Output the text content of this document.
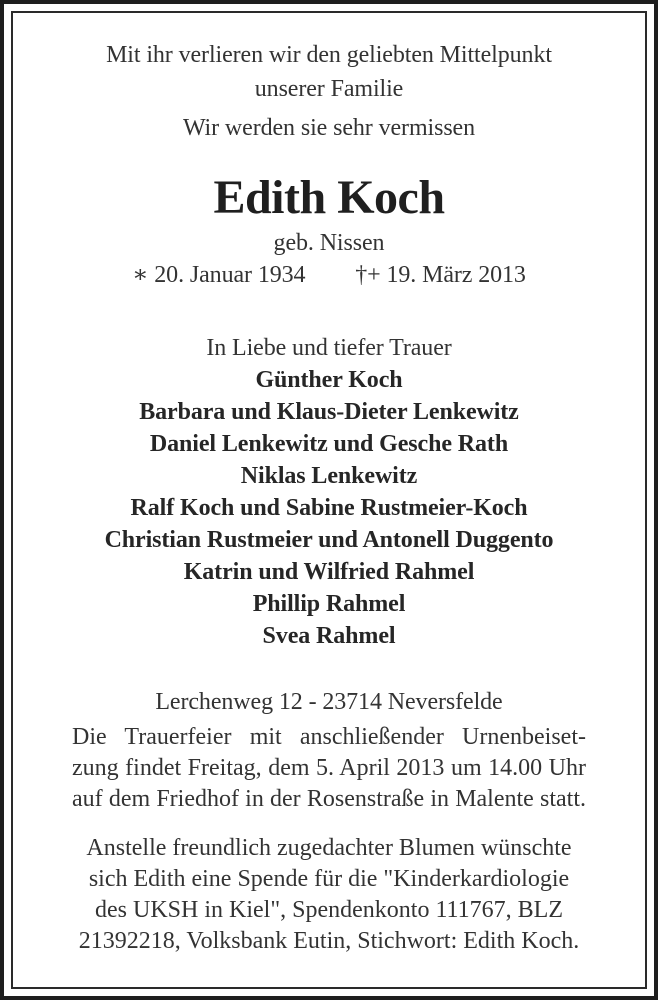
Mit ihr verlieren wir den geliebten Mittelpunkt
unserer Familie
Wir werden sie sehr vermissen
Edith Koch
geb. Nissen
∗ 20. Januar 1934 †+ 19. März 2013
In Liebe und tiefer Trauer
Günther Koch
Barbara und Klaus-Dieter Lenkewitz
Daniel Lenkewitz und Gesche Rath
Niklas Lenkewitz
Ralf Koch und Sabine Rustmeier-Koch
Christian Rustmeier und Antonell Duggento
Katrin und Wilfried Rahmel
Phillip Rahmel
Svea Rahmel
Lerchenweg 12 - 23714 Neversfelde
Die Trauerfeier mit anschließender Urnenbeiset-
zung findet Freitag, dem 5. April 2013 um 14.00 Uhr
auf dem Friedhof in der Rosenstraße in Malente statt.
Anstelle freundlich zugedachter Blumen wünschte
sich Edith eine Spende für die "Kinderkardiologie
des UKSH in Kiel", Spendenkonto 111767, BLZ
21392218, Volksbank Eutin, Stichwort: Edith Koch.
